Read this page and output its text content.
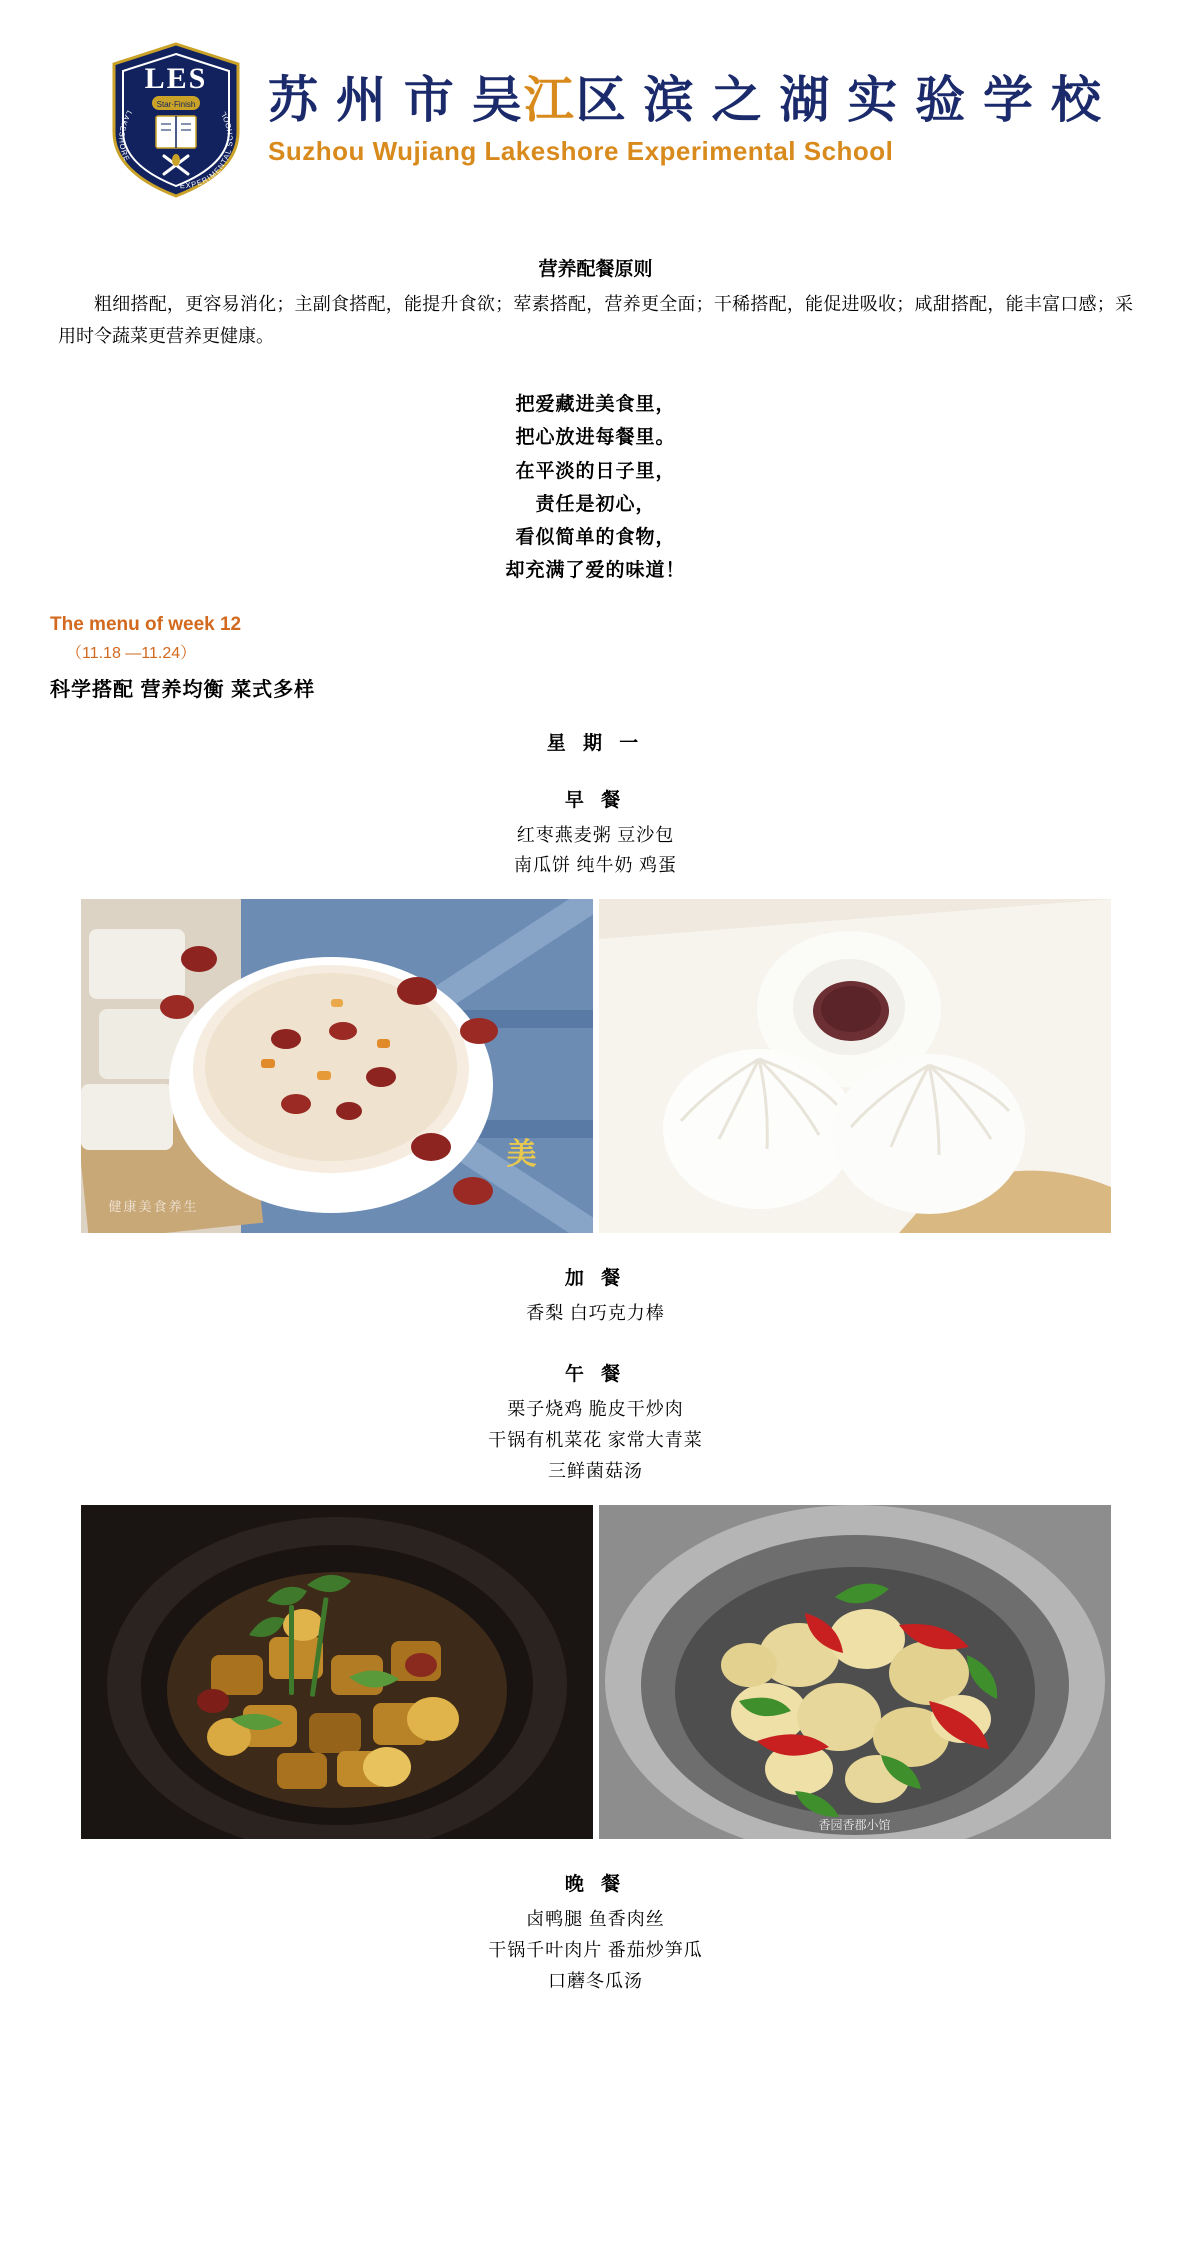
LES
Star·Finish
LAKESHORE
EXPERIMENTAL SCHOOL 苏 州 市 吴江区 滨 之 湖 实 验 学 校
Suzhou Wujiang Lakeshore Experimental School
营养配餐原则
粗细搭配，更容易消化；主副食搭配，能提升食欲；荤素搭配，营养更全面；干稀搭配，能促进吸收；咸甜搭配，能丰富口感；采用时令蔬菜更营养更健康。
把爱藏进美食里，
把心放进每餐里。
在平淡的日子里，
责任是初心，
看似简单的食物，
却充满了爱的味道！
The menu of week 12
（11.18 —11.24）
科学搭配 营养均衡 菜式多样
星 期 一
早 餐
红枣燕麦粥 豆沙包
南瓜饼 纯牛奶 鸡蛋
健康美食养生
美
加 餐
香梨 白巧克力棒
午 餐
栗子烧鸡 脆皮干炒肉
干锅有机菜花 家常大青菜
三鲜菌菇汤
香园香郡小馆
晚 餐
卤鸭腿 鱼香肉丝
干锅千叶肉片 番茄炒笋瓜
口蘑冬瓜汤
